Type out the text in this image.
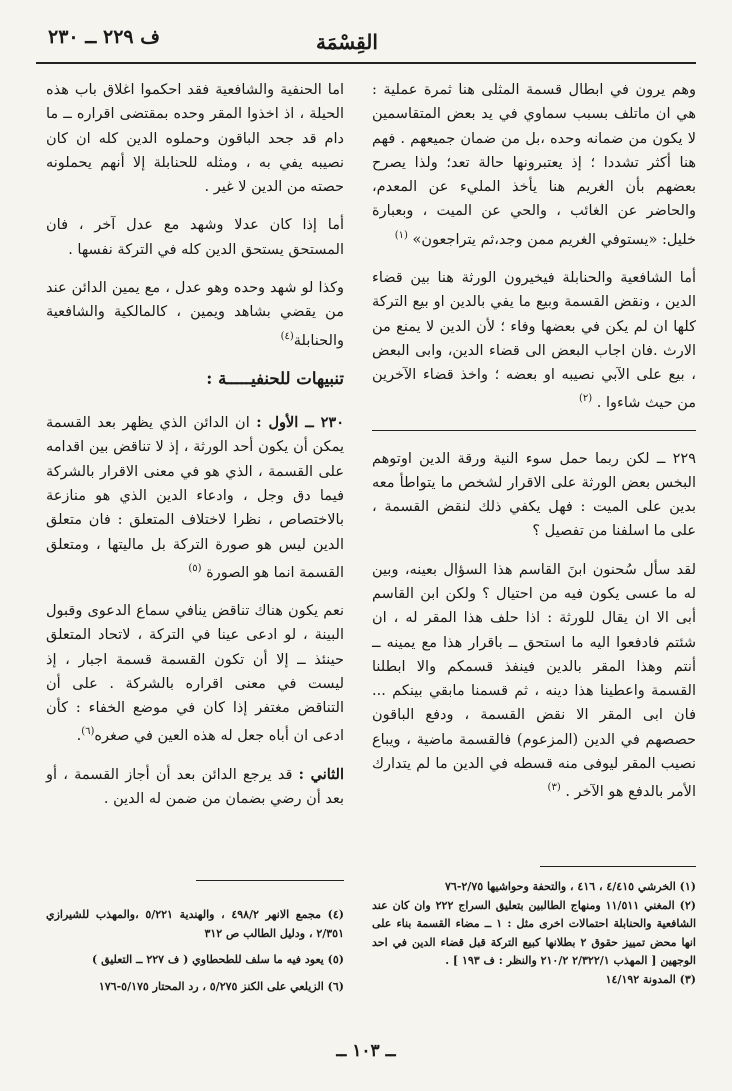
ف ٢٢٩ ــ ٢٣٠	القِسْمَة

وهم يرون في ابطال قسمة المثلى هنا ثمرة عملية : هي ان ماتلف بسبب سماوي في يد بعض المتقاسمين لا يكون من ضمانه وحده ،بل من ضمان جميعهم . فهم هنا أكثر تشددا ؛ إذ يعتبرونها حالة تعد؛ ولذا يصرح بعضهم بأن الغريم هنا يأخذ المليء عن المعدم، والحاضر عن الغائب ، والحي عن الميت ، وبعبارة خليل: «يستوفي الغريم ممن وجد،ثم يتراجعون» $^{(١)}$

أما الشافعية والحنابلة فيخيرون الورثة هنا بين قضاء الدين ، ونقض القسمة وبيع ما يفي بالدين او بيع التركة كلها ان لم يكن في بعضها وفاء ؛ لأن الدين لا يمنع من الارث .فان اجاب البعض الى قضاء الدين، وابى البعض ، بيع على الآبي نصيبه او بعضه ؛ واخذ قضاء الآخرين من حيث شاءوا . $^{(٢)}$

٢٢٩ ــ لكن ربما حمل سوء النية ورقة الدين اوتوهم البخس بعض الورثة على الاقرار لشخص ما يتواطأ معه بدين على الميت : فهل يكفي ذلك لنقض القسمة ، على ما اسلفنا من تفصيل ؟

لقد سأل سُحنون ابنَ القاسم هذا السؤال بعينه، وبين له ما عسى يكون فيه من احتيال ؟ ولكن ابن القاسم أبى الا ان يقال للورثة : اذا حلف هذا المقر له ، ان شئتم فادفعوا اليه ما استحق ــ باقرار هذا مع يمينه ــ أنتم وهذا المقر بالدين فينفذ قسمكم والا ابطلنا القسمة واعطينا هذا دينه ، ثم قسمنا مابقي بينكم ... فان ابى المقر الا نقض القسمة ، ودفع الباقون حصصهم في الدين (المزعوم) فالقسمة ماضية ، ويباع نصيب المقر ليوفى منه قسطه في الدين ما لم يتدارك الأمر بالدفع هو الآخر . $^{(٣)}$

اما الحنفية والشافعية فقد احكموا اغلاق باب هذه الحيلة ، اذ اخذوا المقر وحده بمقتضى اقراره ــ ما دام قد جحد الباقون وحملوه الدين كله ان كان نصيبه يفي به ، ومثله للحنابلة إلا أنهم يحملونه حصته من الدين لا غير .

أما إذا كان عدلا وشهد مع عدل آخر ، فان المستحق يستحق الدين كله في التركة نفسها .

وكذا لو شهد وحده وهو عدل ، مع يمين الدائن عند من يقضي بشاهد ويمين ، كالمالكية والشافعية والحنابلة$^{(٤)}$

تنبيهات للحنفيـــــة :

٢٣٠ ــ الأول : ان الدائن الذي يظهر بعد القسمة يمكن أن يكون أحد الورثة ، إذ لا تناقض بين اقدامه على القسمة ، الذي هو في معنى الاقرار بالشركة فيما دق وجل ، وادعاء الدين الذي هو منازعة بالاختصاص ، نظرا لاختلاف المتعلق : فان متعلق الدين ليس هو صورة التركة بل ماليتها ، ومتعلق القسمة انما هو الصورة $^{(٥)}$

نعم يكون هناك تناقض ينافي سماع الدعوى وقبول البينة ، لو ادعى عينا في التركة ، لاتحاد المتعلق حينئذ ــ إلا أن تكون القسمة قسمة اجبار ، إذ ليست في معنى اقراره بالشركة . على أن التناقض مغتفر إذا كان في موضع الخفاء : كأن ادعى ان أباه جعل له هذه العين في صغره$^{(٦)}$.

الثاني : قد يرجع الدائن بعد أن أجاز القسمة ، أو بعد أن رضي بضمان من ضمن له الدين .

(١) الخرشي ٤/٤١٥ ، ٤١٦ ، والتحفة وحواشيها ٢/٧٥-٧٦

(٢) المغني ١١/٥١١ ومنهاج الطالبين بتعليق السراج ٢٢٢ وان كان عند الشافعية والحنابلة احتمالات اخرى مثل : ١ ــ مضاء القسمة بناء على انها محض تمييز حقوق ٢ بطلانها كبيع التركة قبل قضاء الدين في احد الوجهين [ المهذب ٢/٣٢٢/١ ٢١٠/٢ والنظر : ف ١٩٣ ] .

(٣) المدونة ١٤/١٩٢

(٤) مجمع الانهر ٤٩٨/٢ ، والهندية ٥/٢٢١ ،والمهذب للشيرازي ٢/٣٥١ ، ودليل الطالب ص ٣١٢

(٥) يعود فيه ما سلف للطحطاوي ( ف ٢٢٧ ــ التعليق )

(٦) الزيلعي على الكنز ٥/٢٧٥ ، رد المحتار ٥/١٧٥-١٧٦

ــ ١٠٣ ــ
